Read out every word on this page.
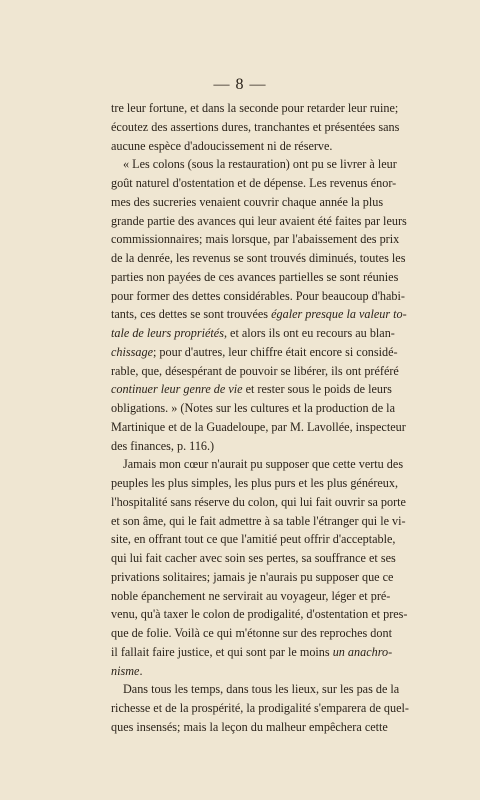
— 8 —
tre leur fortune, et dans la seconde pour retarder leur ruine;
écoutez des assertions dures, tranchantes et présentées sans
aucune espèce d'adoucissement ni de réserve.
« Les colons (sous la restauration) ont pu se livrer à leur
goût naturel d'ostentation et de dépense. Les revenus énor-
mes des sucreries venaient couvrir chaque année la plus
grande partie des avances qui leur avaient été faites par leurs
commissionnaires; mais lorsque, par l'abaissement des prix
de la denrée, les revenus se sont trouvés diminués, toutes les
parties non payées de ces avances partielles se sont réunies
pour former des dettes considérables. Pour beaucoup d'habi-
tants, ces dettes se sont trouvées égaler presque la valeur to-
tale de leurs propriétés, et alors ils ont eu recours au blan-
chissage; pour d'autres, leur chiffre était encore si considé-
rable, que, désespérant de pouvoir se libérer, ils ont préféré
continuer leur genre de vie et rester sous le poids de leurs
obligations. » (Notes sur les cultures et la production de la
Martinique et de la Guadeloupe, par M. Lavollée, inspecteur
des finances, p. 116.)
Jamais mon cœur n'aurait pu supposer que cette vertu des
peuples les plus simples, les plus purs et les plus généreux,
l'hospitalité sans réserve du colon, qui lui fait ouvrir sa porte
et son âme, qui le fait admettre à sa table l'étranger qui le vi-
site, en offrant tout ce que l'amitié peut offrir d'acceptable,
qui lui fait cacher avec soin ses pertes, sa souffrance et ses
privations solitaires; jamais je n'aurais pu supposer que ce
noble épanchement ne servirait au voyageur, léger et pré-
venu, qu'à taxer le colon de prodigalité, d'ostentation et pres-
que de folie. Voilà ce qui m'étonne sur des reproches dont
il fallait faire justice, et qui sont par le moins un anachro-
nisme.
Dans tous les temps, dans tous les lieux, sur les pas de la
richesse et de la prospérité, la prodigalité s'emparera de quel-
ques insensés; mais la leçon du malheur empêchera cette
